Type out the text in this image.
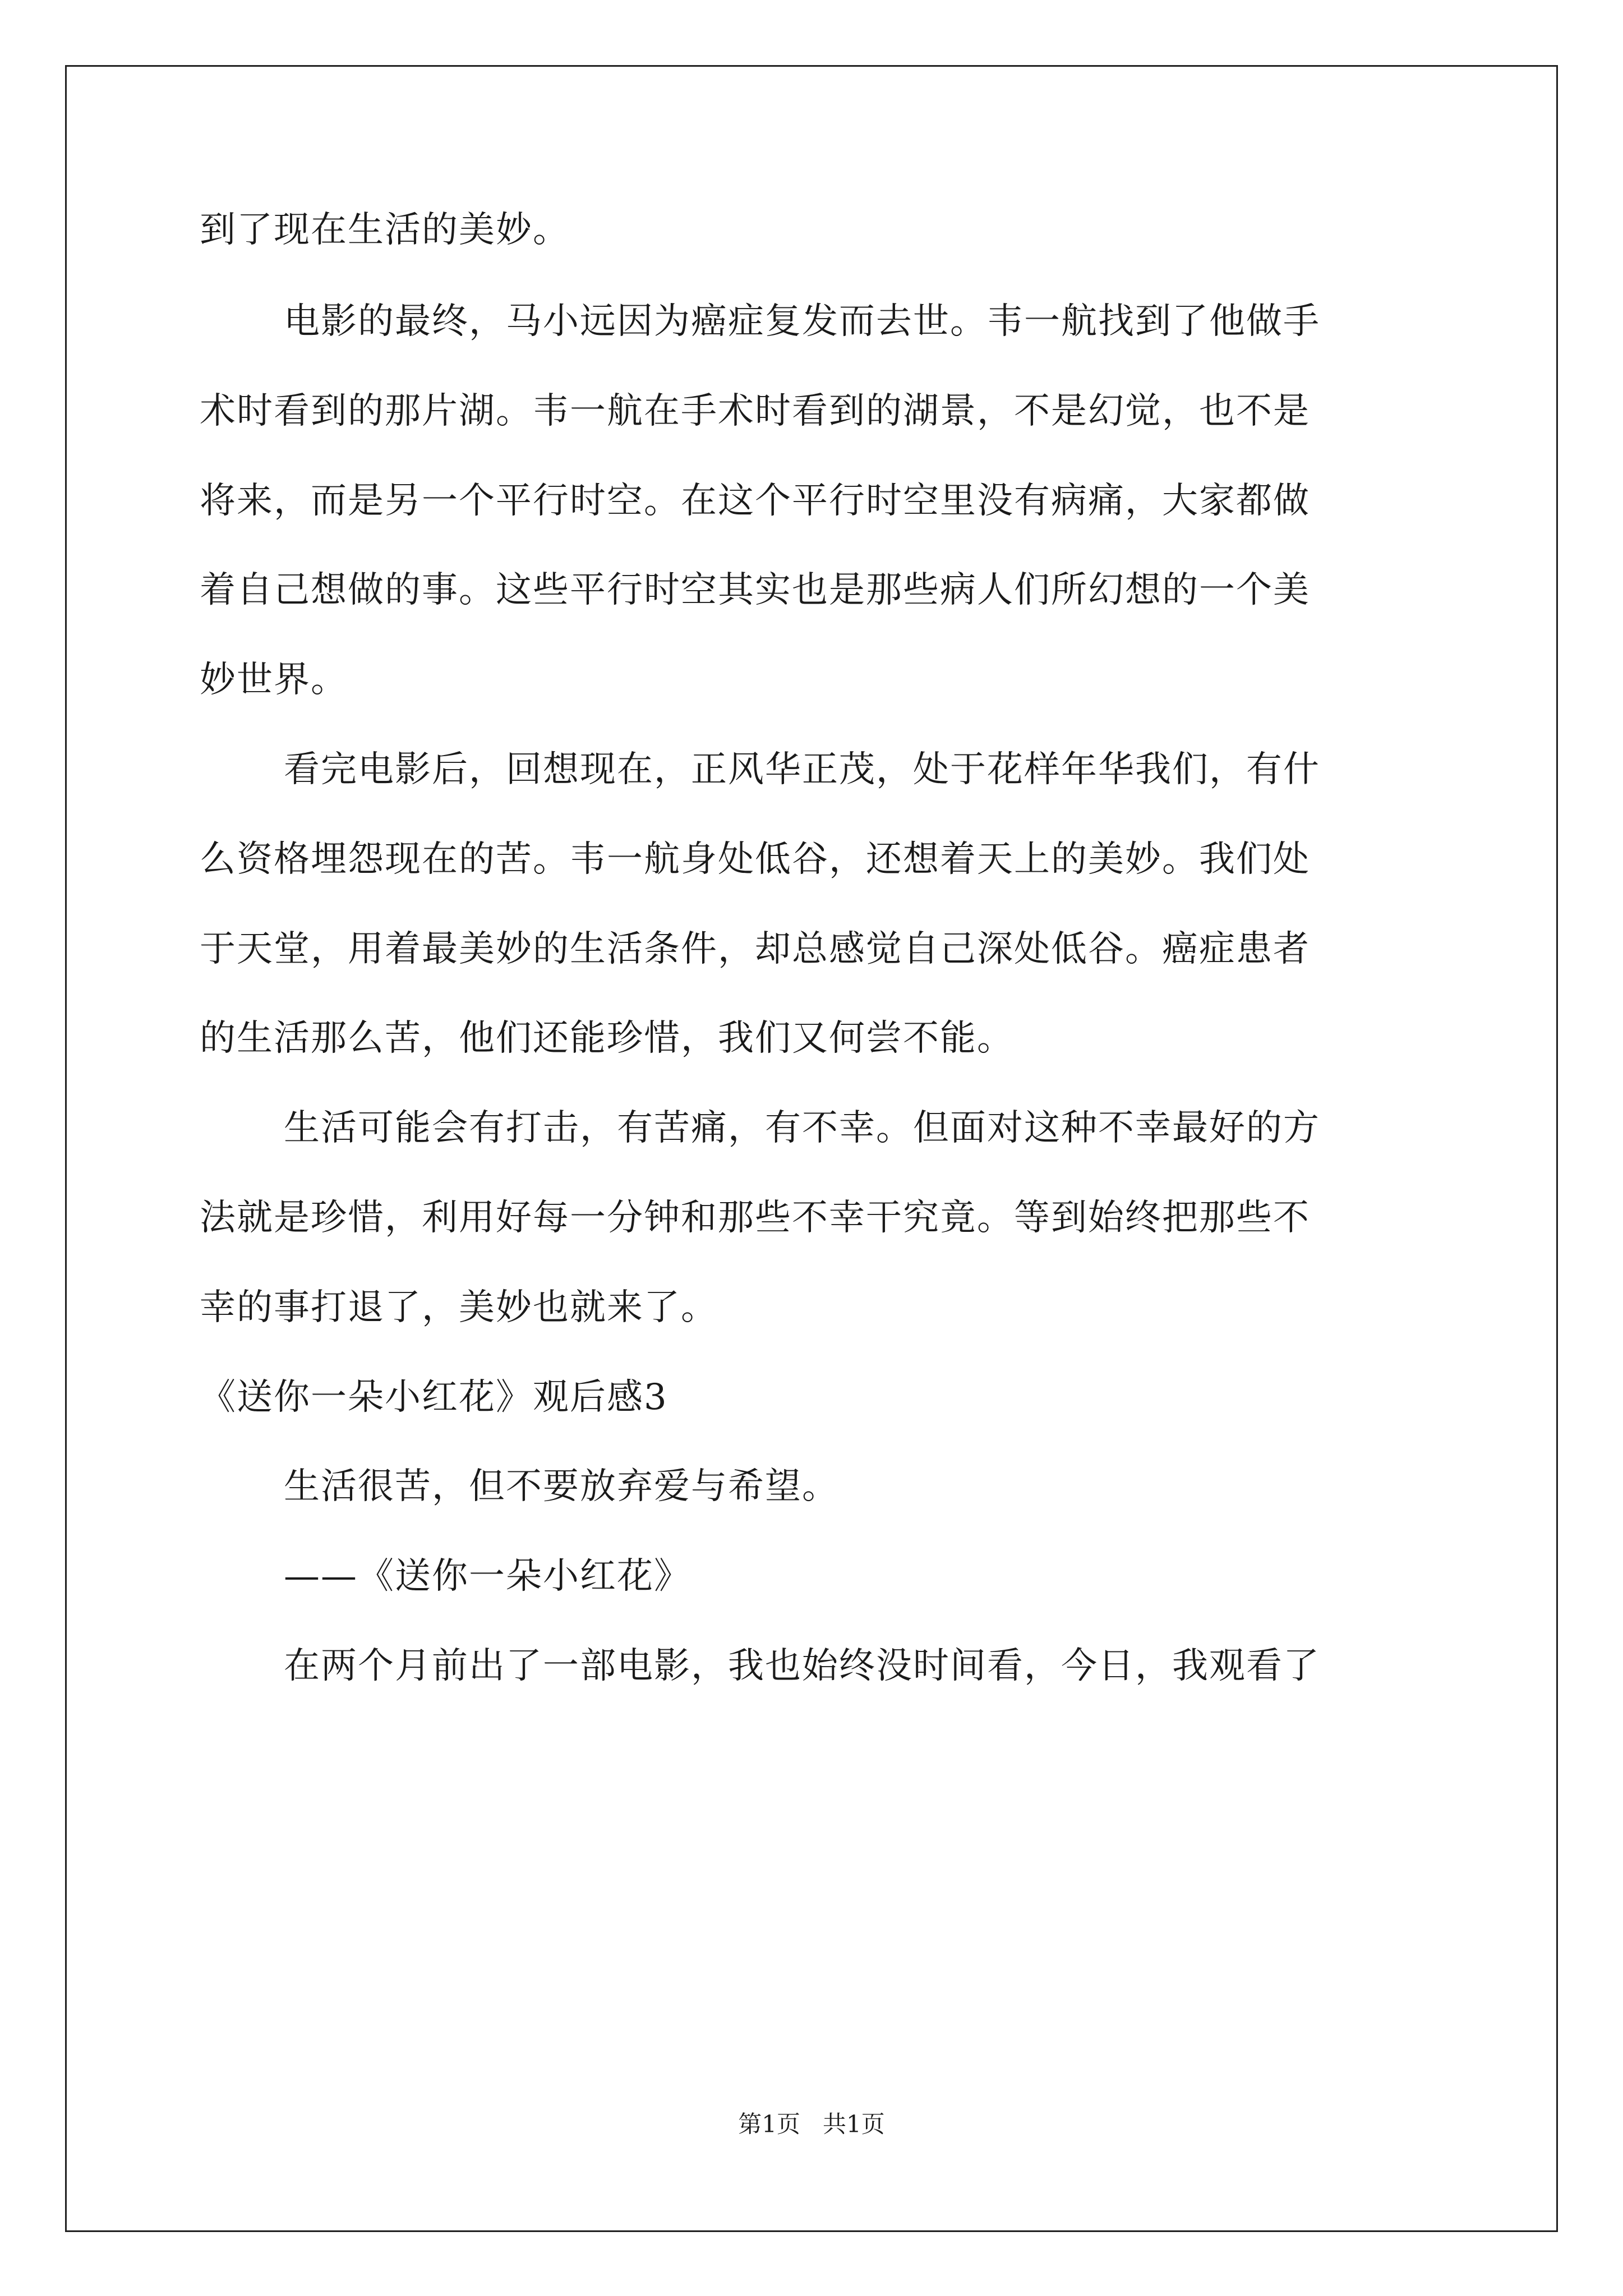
到了现在生活的美妙。
电影的最终，马小远因为癌症复发而去世。韦一航找到了他做手
术时看到的那片湖。韦一航在手术时看到的湖景，不是幻觉，也不是
将来，而是另一个平行时空。在这个平行时空里没有病痛，大家都做
着自己想做的事。这些平行时空其实也是那些病人们所幻想的一个美
妙世界。
看完电影后，回想现在，正风华正茂，处于花样年华我们，有什
么资格埋怨现在的苦。韦一航身处低谷，还想着天上的美妙。我们处
于天堂，用着最美妙的生活条件，却总感觉自己深处低谷。癌症患者
的生活那么苦，他们还能珍惜，我们又何尝不能。
生活可能会有打击，有苦痛，有不幸。但面对这种不幸最好的方
法就是珍惜，利用好每一分钟和那些不幸干究竟。等到始终把那些不
幸的事打退了，美妙也就来了。
《送你一朵小红花》观后感3
生活很苦，但不要放弃爱与希望。
——《送你一朵小红花》
在两个月前出了一部电影，我也始终没时间看，今日，我观看了
第1页   共1页
